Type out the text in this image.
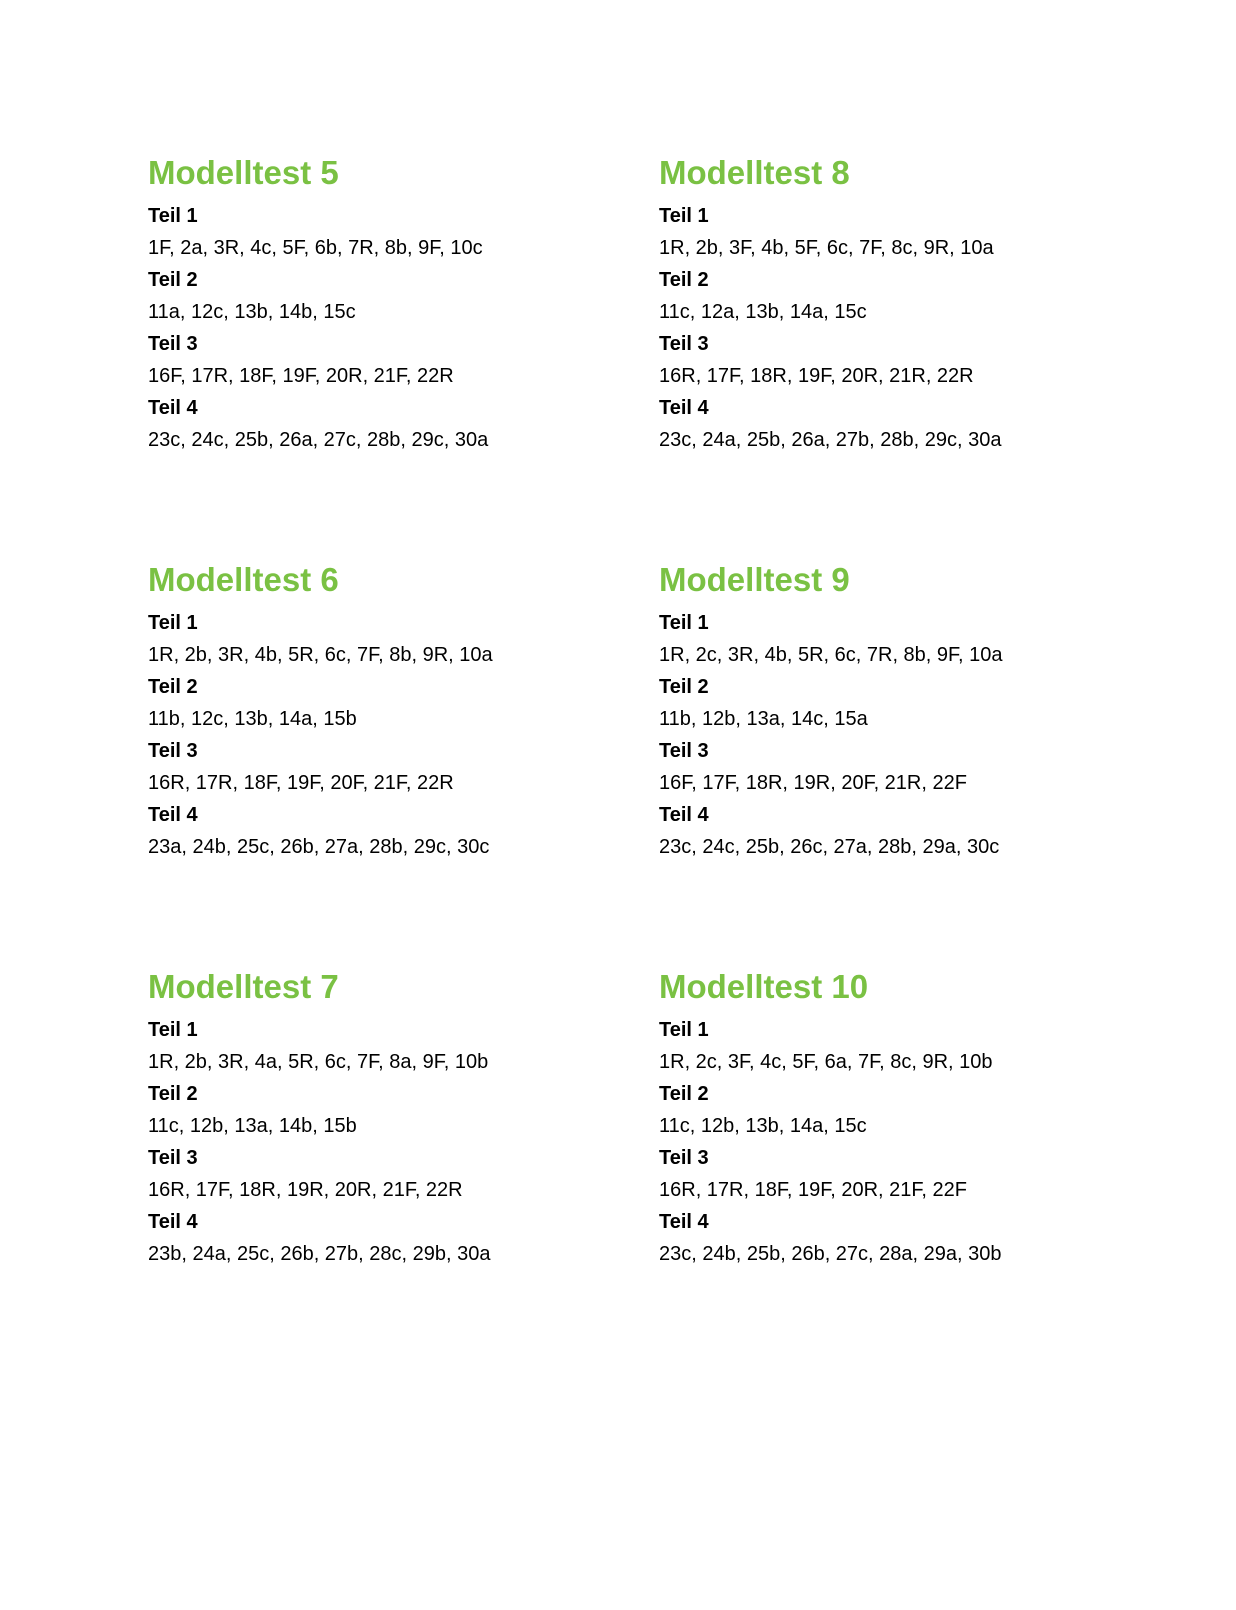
Modelltest 5
Teil 1
1F, 2a, 3R, 4c, 5F, 6b, 7R, 8b, 9F, 10c
Teil 2
11a, 12c, 13b, 14b, 15c
Teil 3
16F, 17R, 18F, 19F, 20R, 21F, 22R
Teil 4
23c, 24c, 25b, 26a, 27c, 28b, 29c, 30a
Modelltest 8
Teil 1
1R, 2b, 3F, 4b, 5F, 6c, 7F, 8c, 9R, 10a
Teil 2
11c, 12a, 13b, 14a, 15c
Teil 3
16R, 17F, 18R, 19F, 20R, 21R, 22R
Teil 4
23c, 24a, 25b, 26a, 27b, 28b, 29c, 30a
Modelltest 6
Teil 1
1R, 2b, 3R, 4b, 5R, 6c, 7F, 8b, 9R, 10a
Teil 2
11b, 12c, 13b, 14a, 15b
Teil 3
16R, 17R, 18F, 19F, 20F, 21F, 22R
Teil 4
23a, 24b, 25c, 26b, 27a, 28b, 29c, 30c
Modelltest 9
Teil 1
1R, 2c, 3R, 4b, 5R, 6c, 7R, 8b, 9F, 10a
Teil 2
11b, 12b, 13a, 14c, 15a
Teil 3
16F, 17F, 18R, 19R, 20F, 21R, 22F
Teil 4
23c, 24c, 25b, 26c, 27a, 28b, 29a, 30c
Modelltest 7
Teil 1
1R, 2b, 3R, 4a, 5R, 6c, 7F, 8a, 9F, 10b
Teil 2
11c, 12b, 13a, 14b, 15b
Teil 3
16R, 17F, 18R, 19R, 20R, 21F, 22R
Teil 4
23b, 24a, 25c, 26b, 27b, 28c, 29b, 30a
Modelltest 10
Teil 1
1R, 2c, 3F, 4c, 5F, 6a, 7F, 8c, 9R, 10b
Teil 2
11c, 12b, 13b, 14a, 15c
Teil 3
16R, 17R, 18F, 19F, 20R, 21F, 22F
Teil 4
23c, 24b, 25b, 26b, 27c, 28a, 29a, 30b
